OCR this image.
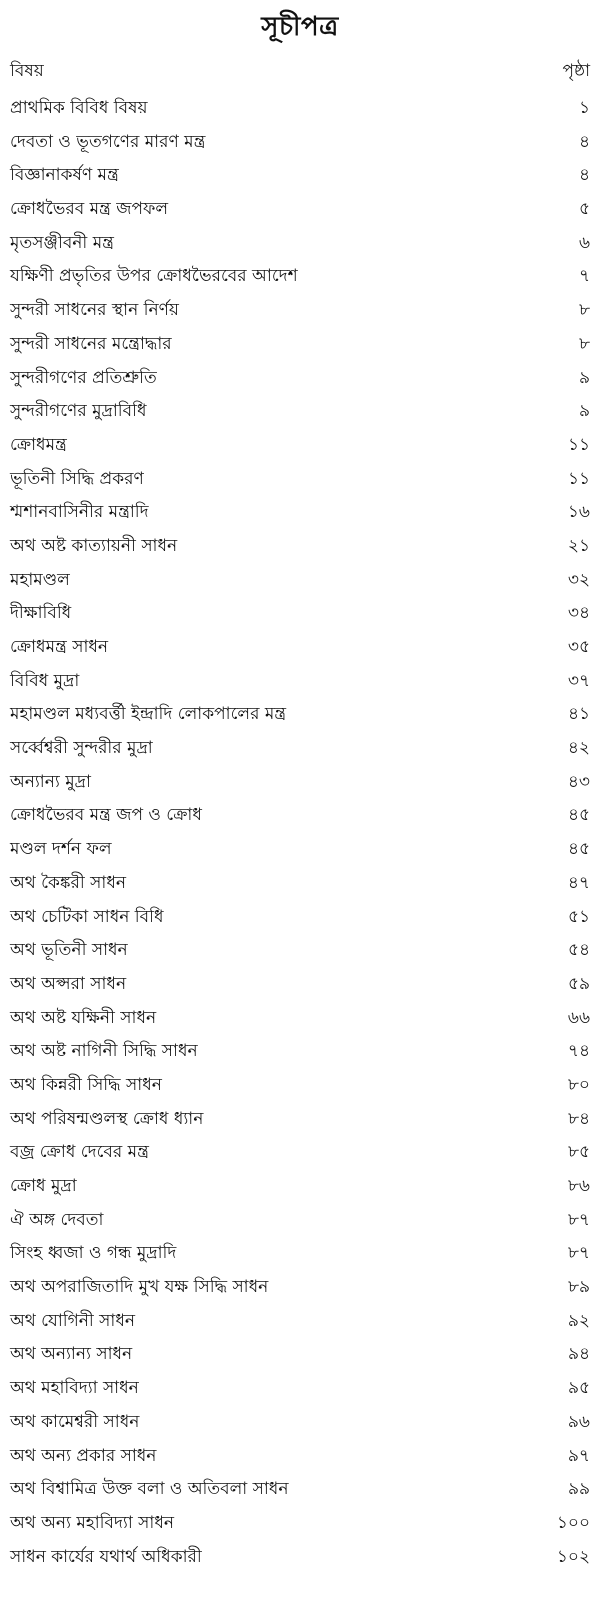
সূচীপত্র
বিষয়	পৃষ্ঠা
প্রাথমিক বিবিধ বিষয়	১
দেবতা ও ভূতগণের মারণ মন্ত্র	৪
বিজ্ঞানাকর্ষণ মন্ত্র	৪
ক্রোধভৈরব মন্ত্র জপফল	৫
মৃতসঞ্জীবনী মন্ত্র	৬
যক্ষিণী প্রভৃতির উপর ক্রোধভৈরবের আদেশ	৭
সুন্দরী সাধনের স্থান নির্ণয়	৮
সুন্দরী সাধনের মন্ত্রোদ্ধার	৮
সুন্দরীগণের প্রতিশ্রুতি	৯
সুন্দরীগণের মুদ্রাবিধি	৯
ক্রোধমন্ত্র	১১
ভূতিনী সিদ্ধি প্রকরণ	১১
শ্মশানবাসিনীর মন্ত্রাদি	১৬
অথ অষ্ট কাত্যায়নী সাধন	২১
মহামণ্ডল	৩২
দীক্ষাবিধি	৩৪
ক্রোধমন্ত্র সাধন	৩৫
বিবিধ মুদ্রা	৩৭
মহামণ্ডল মধ্যবর্ত্তী ইন্দ্রাদি লোকপালের মন্ত্র	৪১
সর্ব্বেশ্বরী সুন্দরীর মুদ্রা	৪২
অন্যান্য মুদ্রা	৪৩
ক্রোধভৈরব মন্ত্র জপ ও ক্রোধ	৪৫
মণ্ডল দর্শন ফল	৪৫
অথ কৈঙ্করী সাধন	৪৭
অথ চেটিকা সাধন বিধি	৫১
অথ ভূতিনী সাধন	৫৪
অথ অপ্সরা সাধন	৫৯
অথ অষ্ট যক্ষিনী সাধন	৬৬
অথ অষ্ট নাগিনী সিদ্ধি সাধন	৭৪
অথ কিন্নরী সিদ্ধি সাধন	৮০
অথ পরিষন্মণ্ডলস্থ ক্রোধ ধ্যান	৮৪
বজ্র ক্রোধ দেবের মন্ত্র	৮৫
ক্রোধ মুদ্রা	৮৬
ঐ অঙ্গ দেবতা	৮৭
সিংহ ধ্বজা ও গন্ধ মুদ্রাদি	৮৭
অথ অপরাজিতাদি মুখ যক্ষ সিদ্ধি সাধন	৮৯
অথ যোগিনী সাধন	৯২
অথ অন্যান্য সাধন	৯৪
অথ মহাবিদ্যা সাধন	৯৫
অথ কামেশ্বরী সাধন	৯৬
অথ অন্য প্রকার সাধন	৯৭
অথ বিশ্বামিত্র উক্ত বলা ও অতিবলা সাধন	৯৯
অথ অন্য মহাবিদ্যা সাধন	১০০
সাধন কার্যের যথার্থ অধিকারী	১০২
